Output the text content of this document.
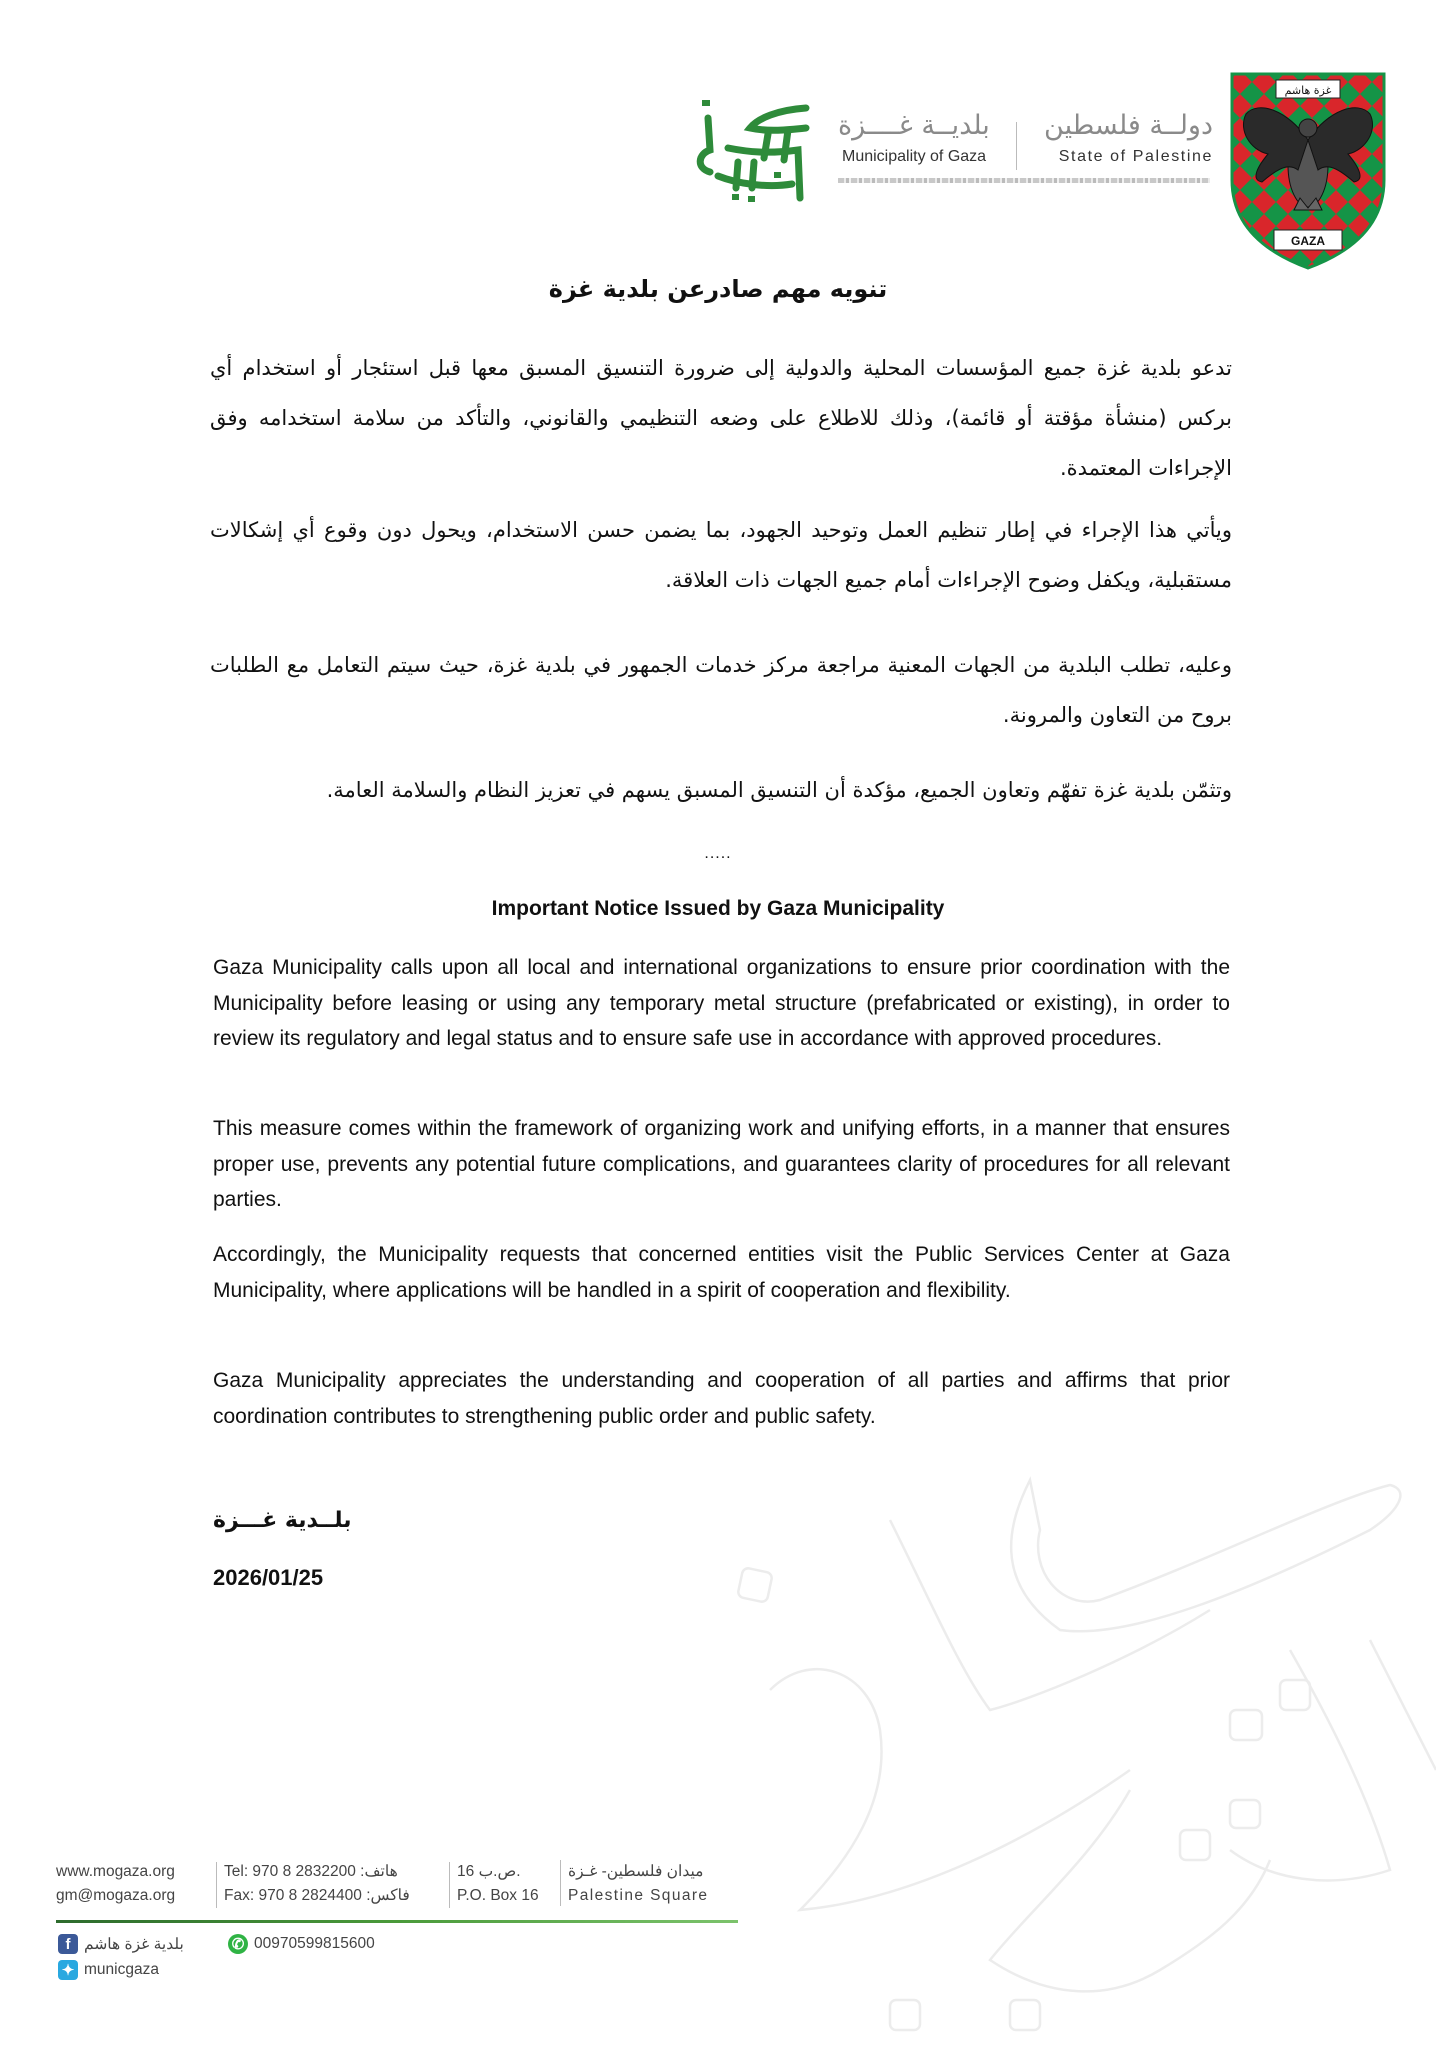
غزة هاشم
GAZA
دولــة فلسطين
State of Palestine
بلديــة غــــزة
Municipality of Gaza
كافي التنمية
تنويه مهم صادرعن بلدية غزة

تدعو بلدية غزة جميع المؤسسات المحلية والدولية إلى ضرورة التنسيق المسبق معها قبل استئجار أو استخدام أي بركس (منشأة مؤقتة أو قائمة)، وذلك للاطلاع على وضعه التنظيمي والقانوني، والتأكد من سلامة استخدامه وفق الإجراءات المعتمدة.

ويأتي هذا الإجراء في إطار تنظيم العمل وتوحيد الجهود، بما يضمن حسن الاستخدام، ويحول دون وقوع أي إشكالات مستقبلية، ويكفل وضوح الإجراءات أمام جميع الجهات ذات العلاقة.

وعليه، تطلب البلدية من الجهات المعنية مراجعة مركز خدمات الجمهور في بلدية غزة، حيث سيتم التعامل مع الطلبات بروح من التعاون والمرونة.

وتثمّن بلدية غزة تفهّم وتعاون الجميع، مؤكدة أن التنسيق المسبق يسهم في تعزيز النظام والسلامة العامة.

.....
Important Notice Issued by Gaza Municipality

Gaza Municipality calls upon all local and international organizations to ensure prior coordination with the Municipality before leasing or using any temporary metal structure (prefabricated or existing), in order to review its regulatory and legal status and to ensure safe use in accordance with approved procedures.

This measure comes within the framework of organizing work and unifying efforts, in a manner that ensures proper use, prevents any potential future complications, and guarantees clarity of procedures for all relevant parties.

Accordingly, the Municipality requests that concerned entities visit the Public Services Center at Gaza Municipality, where applications will be handled in a spirit of cooperation and flexibility.

Gaza Municipality appreciates the understanding and cooperation of all parties and affirms that prior coordination contributes to strengthening public order and public safety.

بلــدية غـــزة
2026/01/25
www.mogaza.org
gm@mogaza.org
Tel: 970 8 2832200 :هاتف
Fax: 970 8 2824400 :فاكس
16 ص.ب.
P.O. Box 16
ميدان فلسطين- غـزة
Palestine Square
f بلدية غزة هاشم	✆ 00970599815600
✦ municgaza
